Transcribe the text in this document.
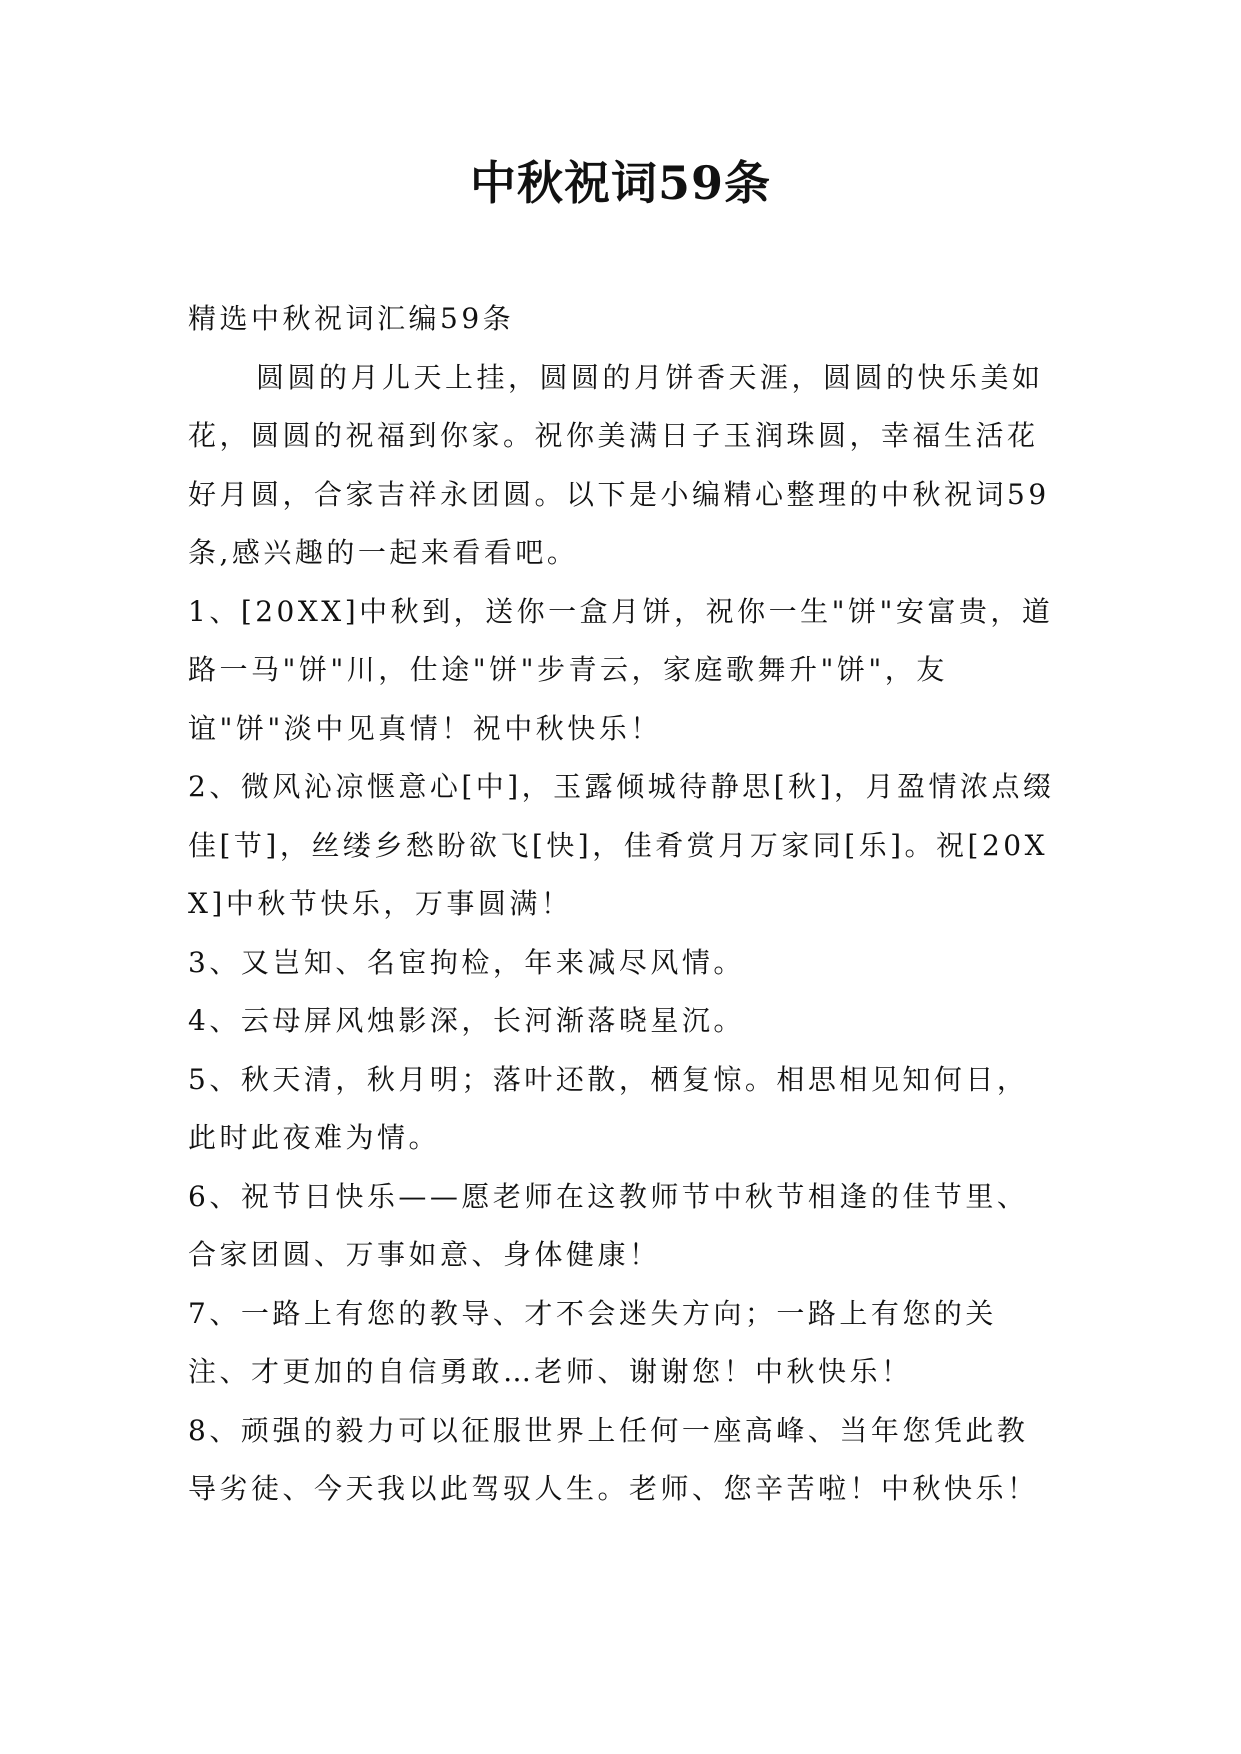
中秋祝词59条

精选中秋祝词汇编59条

圆圆的月儿天上挂，圆圆的月饼香天涯，圆圆的快乐美如花，圆圆的祝福到你家。祝你美满日子玉润珠圆，幸福生活花好月圆，合家吉祥永团圆。以下是小编精心整理的中秋祝词59条,感兴趣的一起来看看吧。

1、[20XX]中秋到，送你一盒月饼，祝你一生"饼"安富贵，道路一马"饼"川，仕途"饼"步青云，家庭歌舞升"饼"，友谊"饼"淡中见真情！祝中秋快乐！

2、微风沁凉惬意心[中]，玉露倾城待静思[秋]，月盈情浓点缀佳[节]，丝缕乡愁盼欲飞[快]，佳肴赏月万家同[乐]。祝[20XX]中秋节快乐，万事圆满！

3、又岂知、名宦拘检，年来减尽风情。

4、云母屏风烛影深，长河渐落晓星沉。

5、秋天清，秋月明；落叶还散，栖复惊。相思相见知何日，此时此夜难为情。

6、祝节日快乐——愿老师在这教师节中秋节相逢的佳节里、合家团圆、万事如意、身体健康！

7、一路上有您的教导、才不会迷失方向；一路上有您的关注、才更加的自信勇敢…老师、谢谢您！中秋快乐！

8、顽强的毅力可以征服世界上任何一座高峰、当年您凭此教导劣徒、今天我以此驾驭人生。老师、您辛苦啦！中秋快乐！
